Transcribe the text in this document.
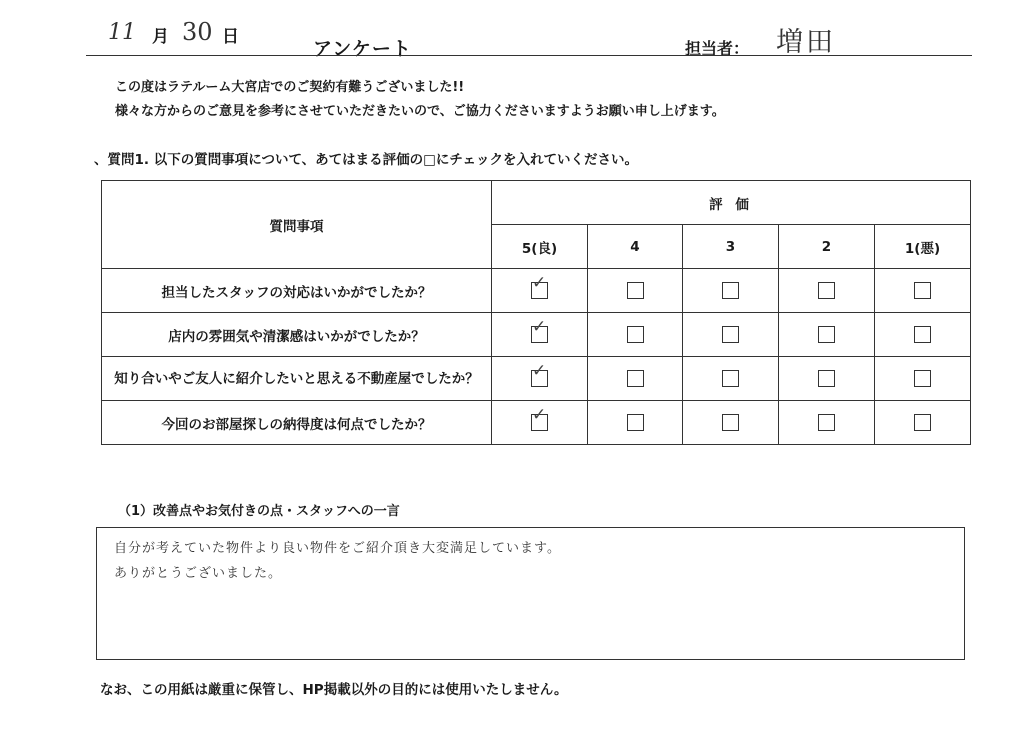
11 月 30 日
アンケート	担当者： 増田
この度はラテルーム大宮店でのご契約有難うございました!!
様々な方からのご意見を参考にさせていただきたいので、ご協力くださいますようお願い申し上げます。
、質問1. 以下の質問事項について、あてはまる評価の□にチェックを入れていください。
質問事項	評 価				
	5(良)	4	3	2	1(悪)
担当したスタッフの対応はいかがでしたか？	✓				

店内の雰囲気や清潔感はいかがでしたか？	✓				

知り合いやご友人に紹介したいと思える不動産屋でしたか？	✓				

今回のお部屋探しの納得度は何点でしたか？	✓				

（1）改善点やお気付きの点・スタッフへの一言
自分が考えていた物件より良い物件をご紹介頂き大変満足しています。
ありがとうございました。
なお、この用紙は厳重に保管し、HP掲載以外の目的には使用いたしません。
